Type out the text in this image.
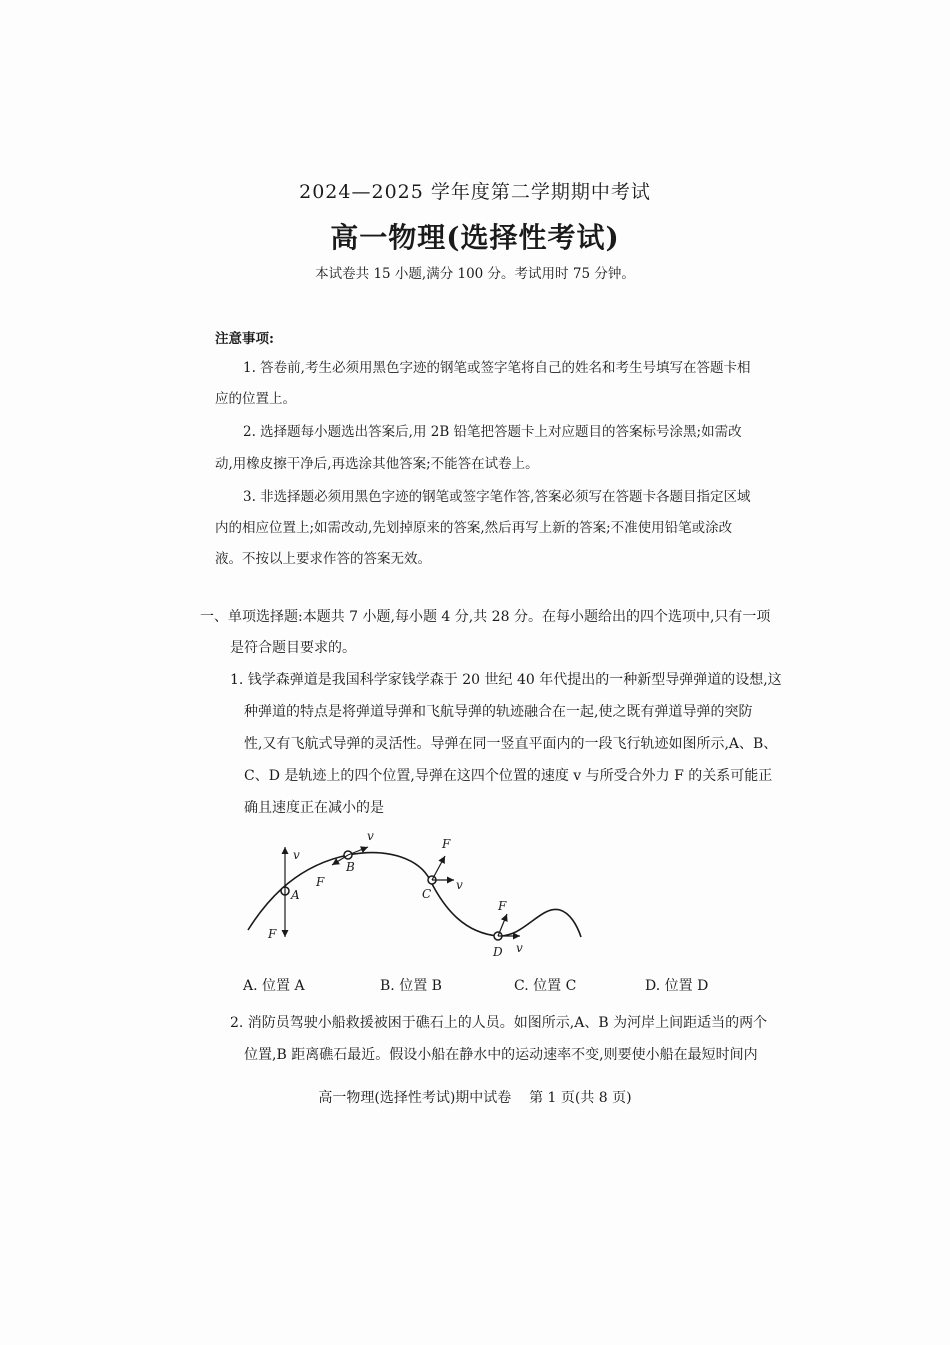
2024—2025 学年度第二学期期中考试
高一物理(选择性考试)
本试卷共 15 小题,满分 100 分。考试用时 75 分钟。
注意事项:
1. 答卷前,考生必须用黑色字迹的钢笔或签字笔将自己的姓名和考生号填写在答题卡相
应的位置上。
2. 选择题每小题选出答案后,用 2B 铅笔把答题卡上对应题目的答案标号涂黑;如需改
动,用橡皮擦干净后,再选涂其他答案;不能答在试卷上。
3. 非选择题必须用黑色字迹的钢笔或签字笔作答,答案必须写在答题卡各题目指定区域
内的相应位置上;如需改动,先划掉原来的答案,然后再写上新的答案;不准使用铅笔或涂改
液。不按以上要求作答的答案无效。
一、单项选择题:本题共 7 小题,每小题 4 分,共 28 分。在每小题给出的四个选项中,只有一项
是符合题目要求的。
1. 钱学森弹道是我国科学家钱学森于 20 世纪 40 年代提出的一种新型导弹弹道的设想,这
种弹道的特点是将弹道导弹和飞航导弹的轨迹融合在一起,使之既有弹道导弹的突防
性,又有飞航式导弹的灵活性。导弹在同一竖直平面内的一段飞行轨迹如图所示,A、B、
C、D 是轨迹上的四个位置,导弹在这四个位置的速度 v 与所受合外力 F 的关系可能正
确且速度正在减小的是
v
A
F
v
B
F
F
v
C
F
v
D
A. 位置 A	B. 位置 B	C. 位置 C	D. 位置 D
2. 消防员驾驶小船救援被困于礁石上的人员。如图所示,A、B 为河岸上间距适当的两个
位置,B 距离礁石最近。假设小船在静水中的运动速率不变,则要使小船在最短时间内
高一物理(选择性考试)期中试卷    第 1 页(共 8 页)
